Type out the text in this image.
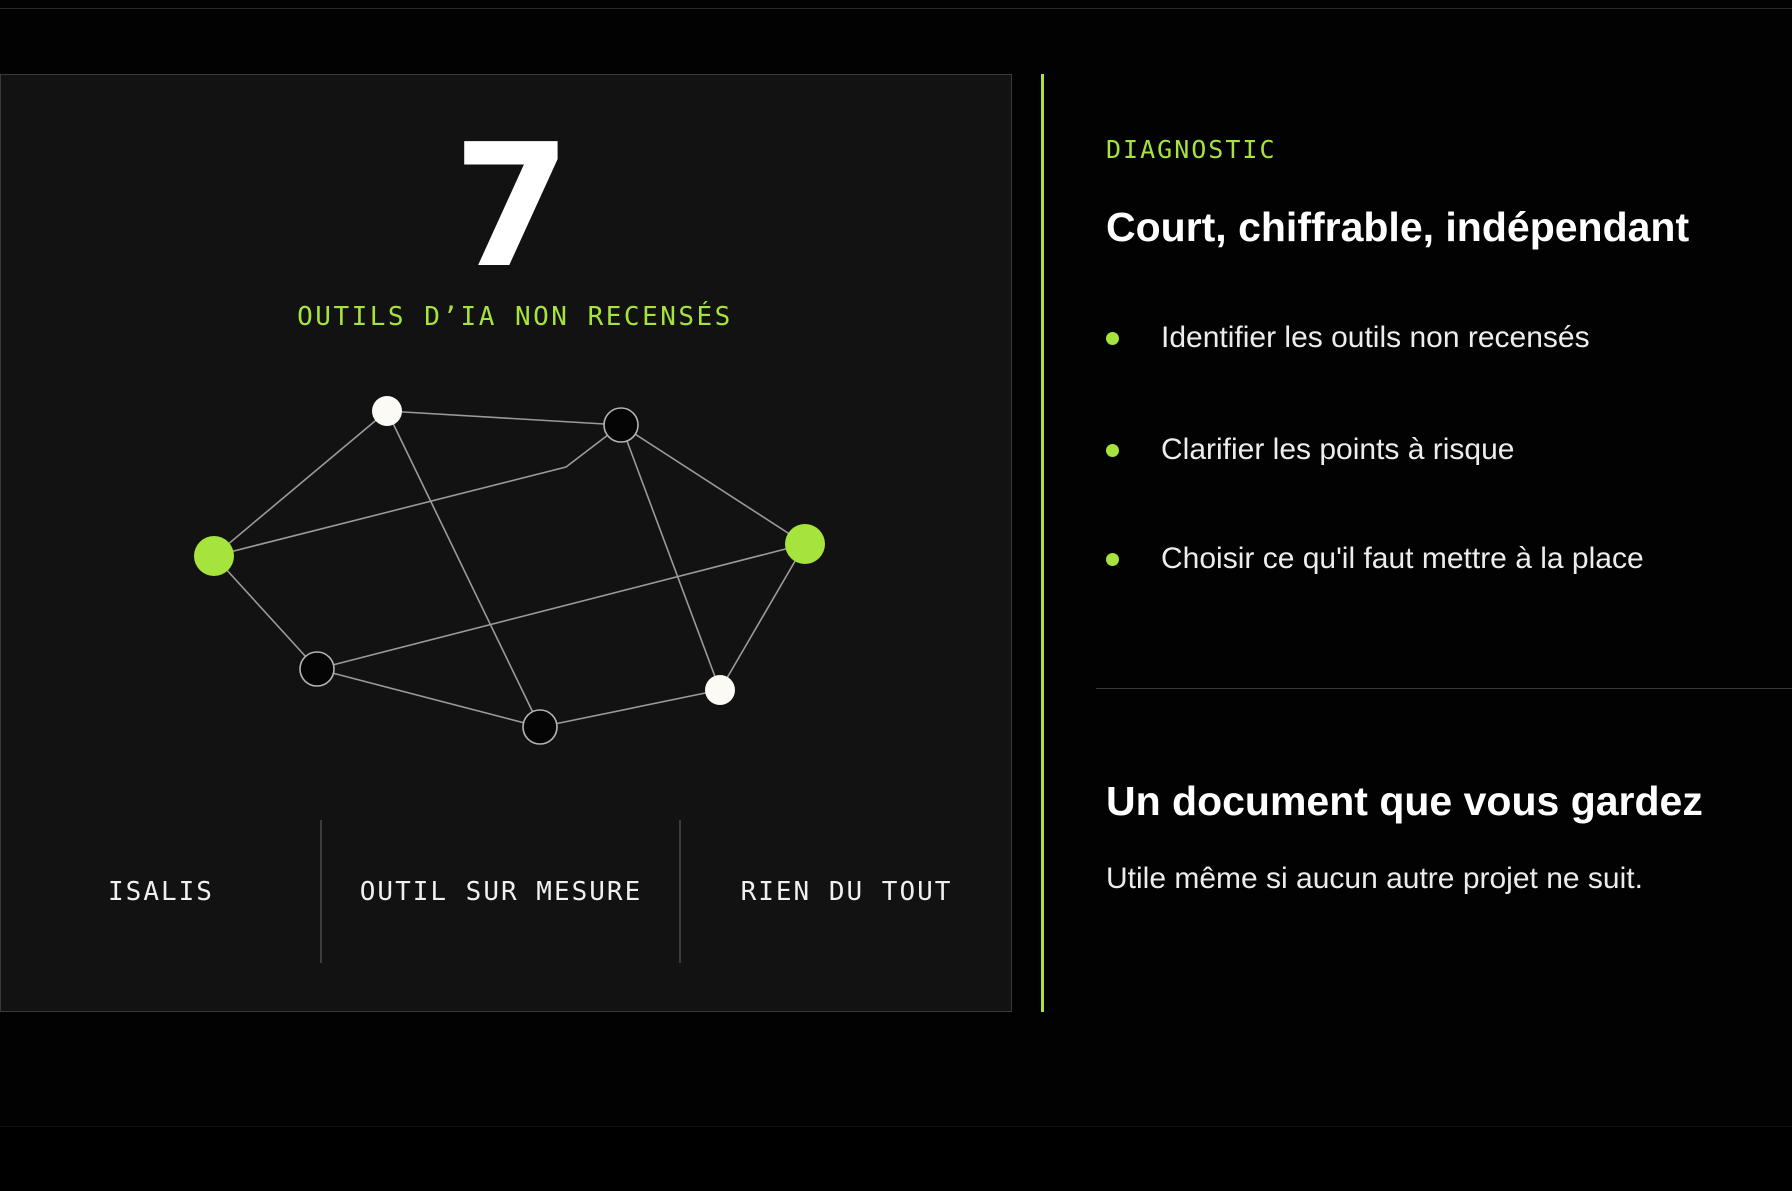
7
OUTILS D’IA NON RECENSÉS
ISALIS	OUTIL SUR MESURE	RIEN DU TOUT
DIAGNOSTIC
Court, chiffrable, indépendant
Identifier les outils non recensés
Clarifier les points à risque
Choisir ce qu'il faut mettre à la place
Un document que vous gardez
Utile même si aucun autre projet ne suit.
